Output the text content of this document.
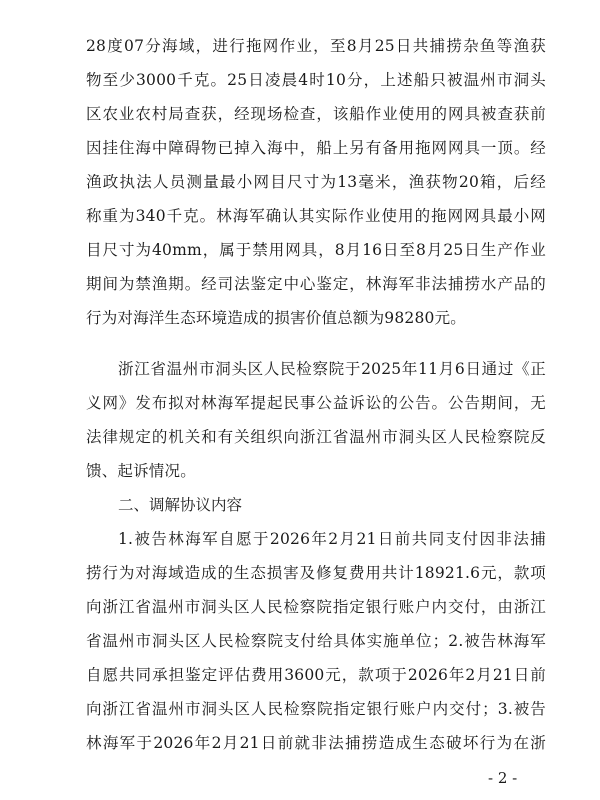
28度07分海域，进行拖网作业，至8月25日共捕捞杂鱼等渔获
物至少3000千克。25日凌晨4时10分，上述船只被温州市洞头
区农业农村局查获，经现场检查，该船作业使用的网具被查获前
因挂住海中障碍物已掉入海中，船上另有备用拖网网具一顶。经
渔政执法人员测量最小网目尺寸为13毫米，渔获物20箱，后经
称重为340千克。林海军确认其实际作业使用的拖网网具最小网
目尺寸为40mm，属于禁用网具，8月16日至8月25日生产作业
期间为禁渔期。经司法鉴定中心鉴定，林海军非法捕捞水产品的
行为对海洋生态环境造成的损害价值总额为98280元。
浙江省温州市洞头区人民检察院于2025年11月6日通过《正
义网》发布拟对林海军提起民事公益诉讼的公告。公告期间，无
法律规定的机关和有关组织向浙江省温州市洞头区人民检察院反
馈、起诉情况。
二、调解协议内容
1.被告林海军自愿于2026年2月21日前共同支付因非法捕
捞行为对海域造成的生态损害及修复费用共计18921.6元，款项
向浙江省温州市洞头区人民检察院指定银行账户内交付，由浙江
省温州市洞头区人民检察院支付给具体实施单位；2.被告林海军
自愿共同承担鉴定评估费用3600元，款项于2026年2月21日前
向浙江省温州市洞头区人民检察院指定银行账户内交付；3.被告
林海军于2026年2月21日前就非法捕捞造成生态破坏行为在浙
- 2 -
